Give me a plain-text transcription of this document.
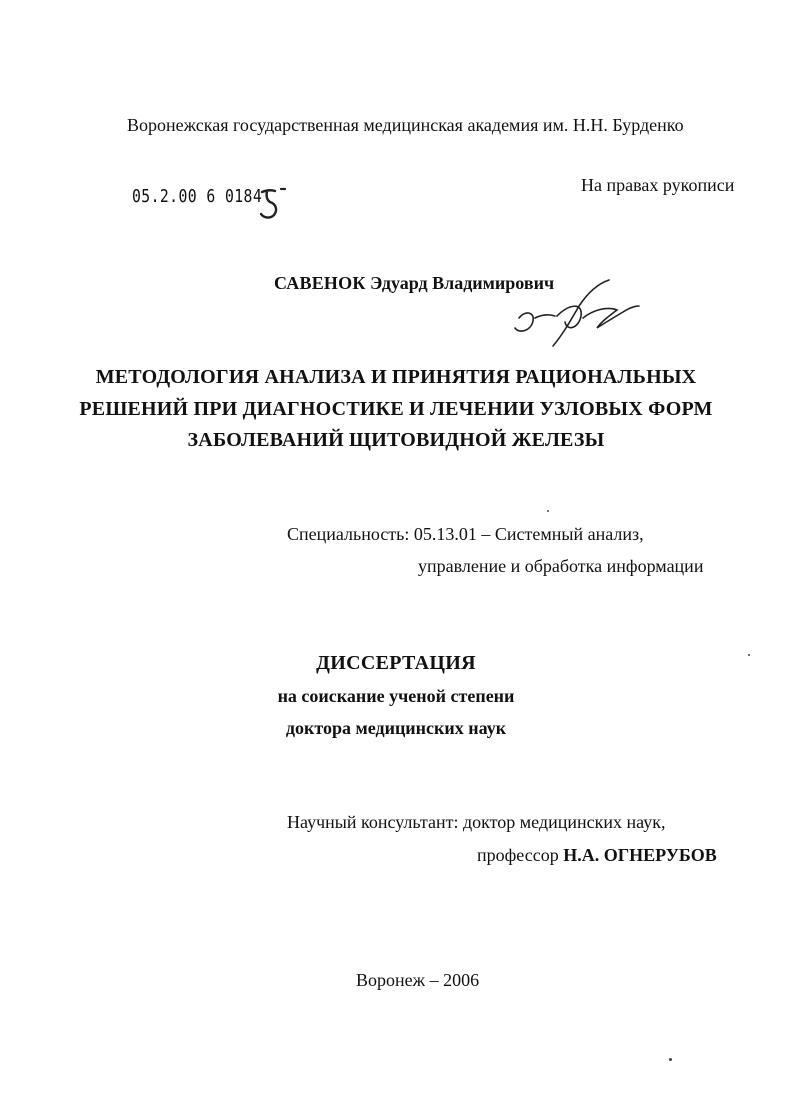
Воронежская государственная медицинская академия им. Н.Н. Бурденко
05.2.00 6 0184
На правах рукописи
САВЕНОК Эдуард Владимирович
МЕТОДОЛОГИЯ АНАЛИЗА И ПРИНЯТИЯ РАЦИОНАЛЬНЫХ
РЕШЕНИЙ ПРИ ДИАГНОСТИКЕ И ЛЕЧЕНИИ УЗЛОВЫХ ФОРМ
ЗАБОЛЕВАНИЙ ЩИТОВИДНОЙ ЖЕЛЕЗЫ
Специальность: 05.13.01 – Системный анализ,
управление и обработка информации
ДИССЕРТАЦИЯ
на соискание ученой степени
доктора медицинских наук
Научный консультант: доктор медицинских наук,
профессор Н.А. ОГНЕРУБОВ
Воронеж – 2006
